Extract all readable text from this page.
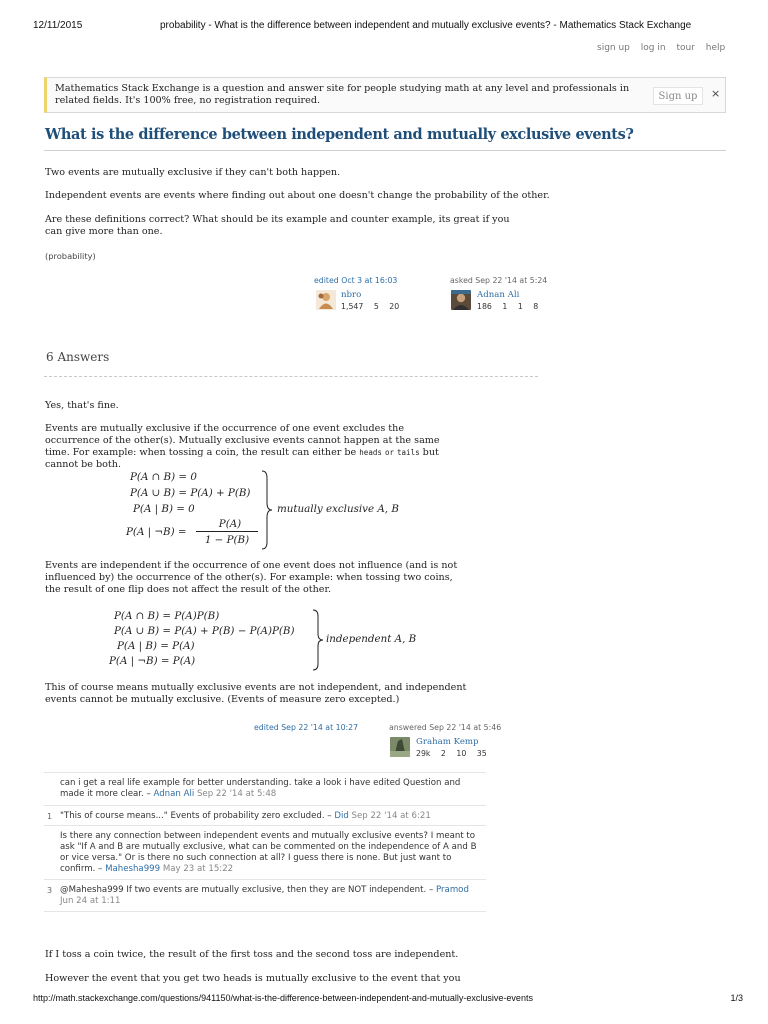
12/11/2015	probability - What is the difference between independent and mutually exclusive events? - Mathematics Stack Exchange
sign up log in tour help
Mathematics Stack Exchange is a question and answer site for people studying math at any level and professionals in related fields. It's 100% free, no registration required.	Sign up	×
What is the difference between independent and mutually exclusive events?
Two events are mutually exclusive if they can't both happen.
Independent events are events where finding out about one doesn't change the probability of the other.
Are these definitions correct? What should be its example and counter example, its great if you can give more than one.
(probability)
edited Oct 3 at 16:03
nbro
1,547 5 20
asked Sep 22 '14 at 5:24
Adnan Ali
186 1 1 8
6 Answers
Yes, that's fine.
Events are mutually exclusive if the occurrence of one event excludes the occurrence of the other(s). Mutually exclusive events cannot happen at the same time. For example: when tossing a coin, the result can either be heads or tails but cannot be both.
P(A ∩ B) = 0
P(A ∪ B) = P(A) + P(B)
P(A | B) = 0
P(A | ¬B) =
P(A)
1 − P(B)
mutually exclusive A, B
Events are independent if the occurrence of one event does not influence (and is not influenced by) the occurrence of the other(s). For example: when tossing two coins, the result of one flip does not affect the result of the other.
P(A ∩ B) = P(A)P(B)
P(A ∪ B) = P(A) + P(B) − P(A)P(B)
P(A | B) = P(A)
P(A | ¬B) = P(A)
independent A, B
This of course means mutually exclusive events are not independent, and independent events cannot be mutually exclusive. (Events of measure zero excepted.)
edited Sep 22 '14 at 10:27	answered Sep 22 '14 at 5:46
Graham Kemp
29k 2 10 35
can i get a real life example for better understanding. take a look i have edited Question and made it more clear. – Adnan Ali Sep 22 '14 at 5:48
1 "This of course means..." Events of probability zero excluded. – Did Sep 22 '14 at 6:21
Is there any connection between independent events and mutually exclusive events? I meant to ask "If A and B are mutually exclusive, what can be commented on the independence of A and B or vice versa." Or is there no such connection at all? I guess there is none. But just want to confirm. – Mahesha999 May 23 at 15:22
3 @Mahesha999 If two events are mutually exclusive, then they are NOT independent. – Pramod Jun 24 at 1:11
If I toss a coin twice, the result of the first toss and the second toss are independent.
However the event that you get two heads is mutually exclusive to the event that you
http://math.stackexchange.com/questions/941150/what-is-the-difference-between-independent-and-mutually-exclusive-events	1/3
